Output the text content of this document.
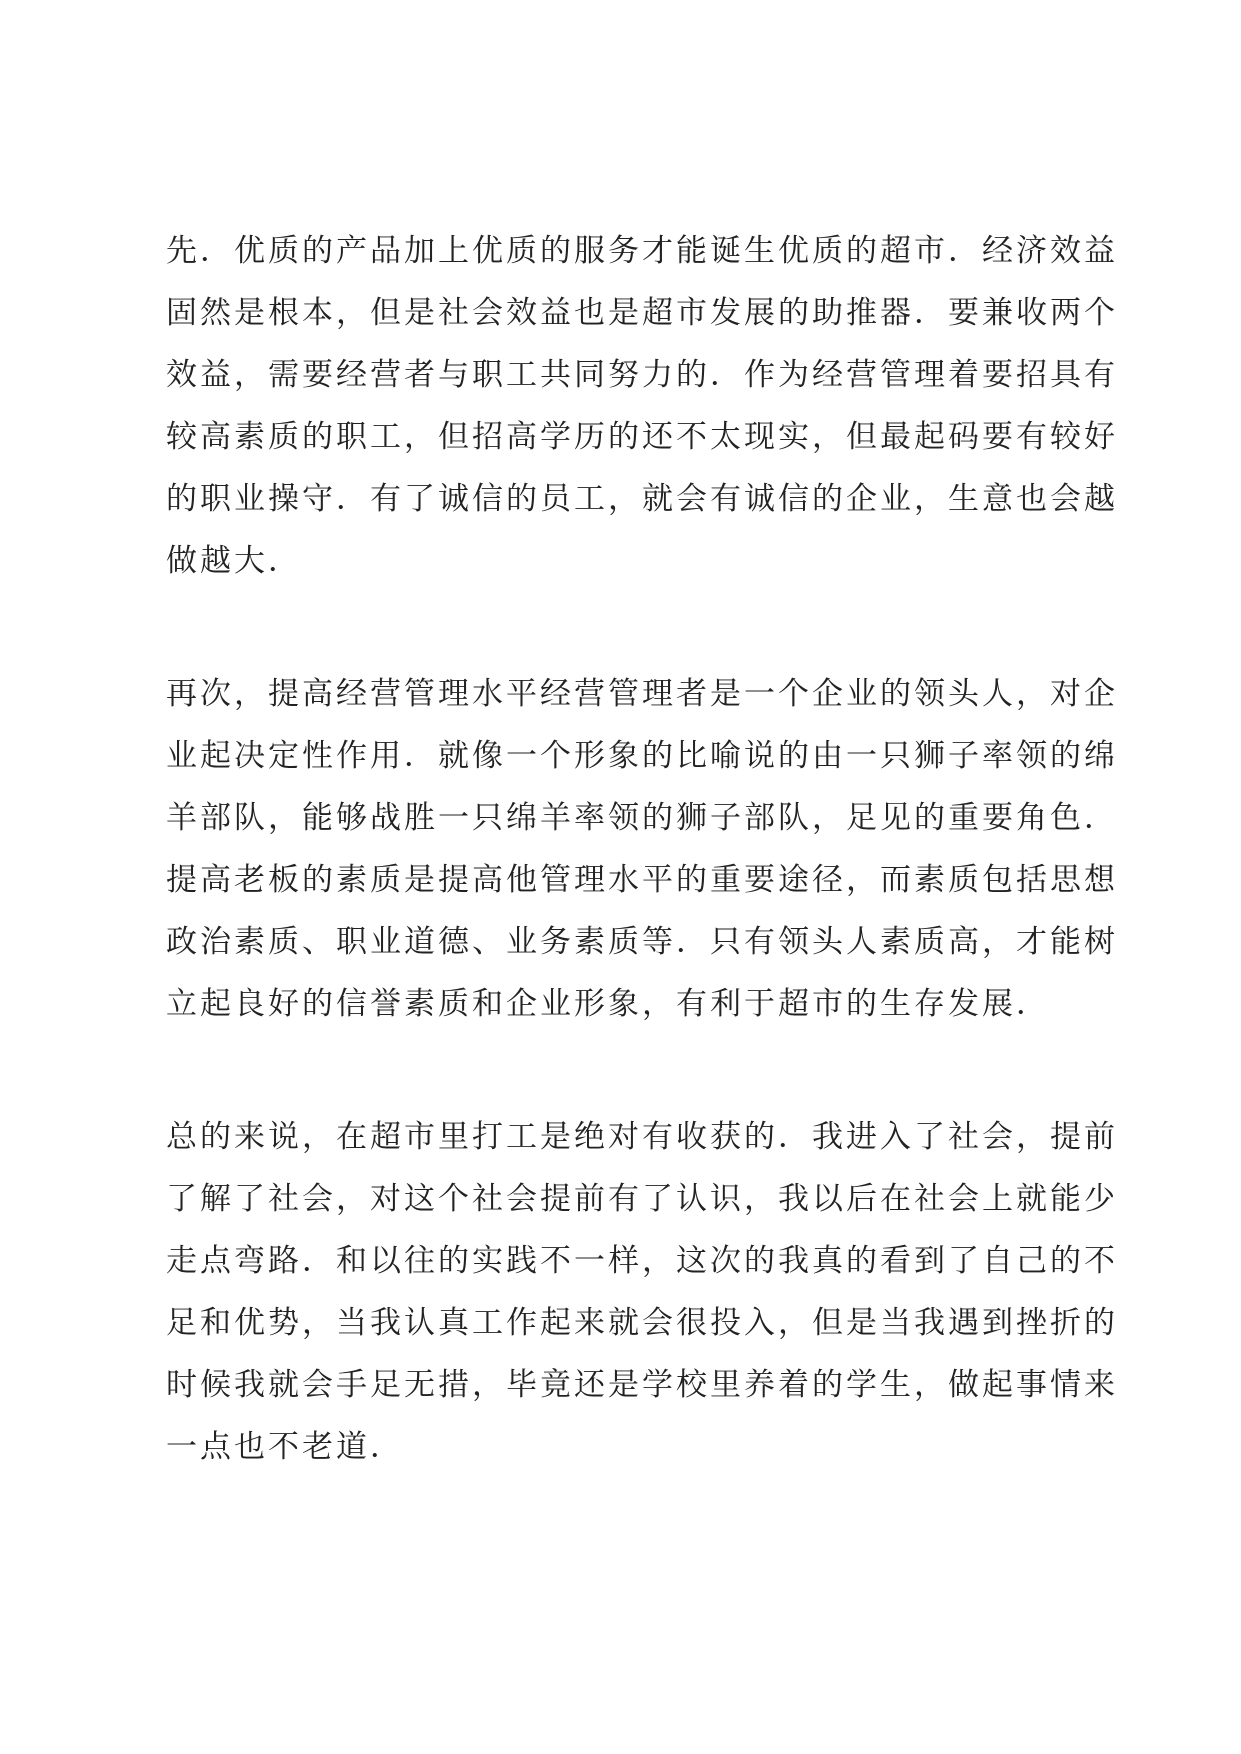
先．优质的产品加上优质的服务才能诞生优质的超市．经济效益
固然是根本，但是社会效益也是超市发展的助推器．要兼收两个
效益，需要经营者与职工共同努力的．作为经营管理着要招具有
较高素质的职工，但招高学历的还不太现实，但最起码要有较好
的职业操守．有了诚信的员工，就会有诚信的企业，生意也会越
做越大．
再次，提高经营管理水平经营管理者是一个企业的领头人，对企
业起决定性作用．就像一个形象的比喻说的由一只狮子率领的绵
羊部队，能够战胜一只绵羊率领的狮子部队，足见的重要角色．
提高老板的素质是提高他管理水平的重要途径，而素质包括思想
政治素质、职业道德、业务素质等．只有领头人素质高，才能树
立起良好的信誉素质和企业形象，有利于超市的生存发展．
总的来说，在超市里打工是绝对有收获的．我进入了社会，提前
了解了社会，对这个社会提前有了认识，我以后在社会上就能少
走点弯路．和以往的实践不一样，这次的我真的看到了自己的不
足和优势，当我认真工作起来就会很投入，但是当我遇到挫折的
时候我就会手足无措，毕竟还是学校里养着的学生，做起事情来
一点也不老道．
